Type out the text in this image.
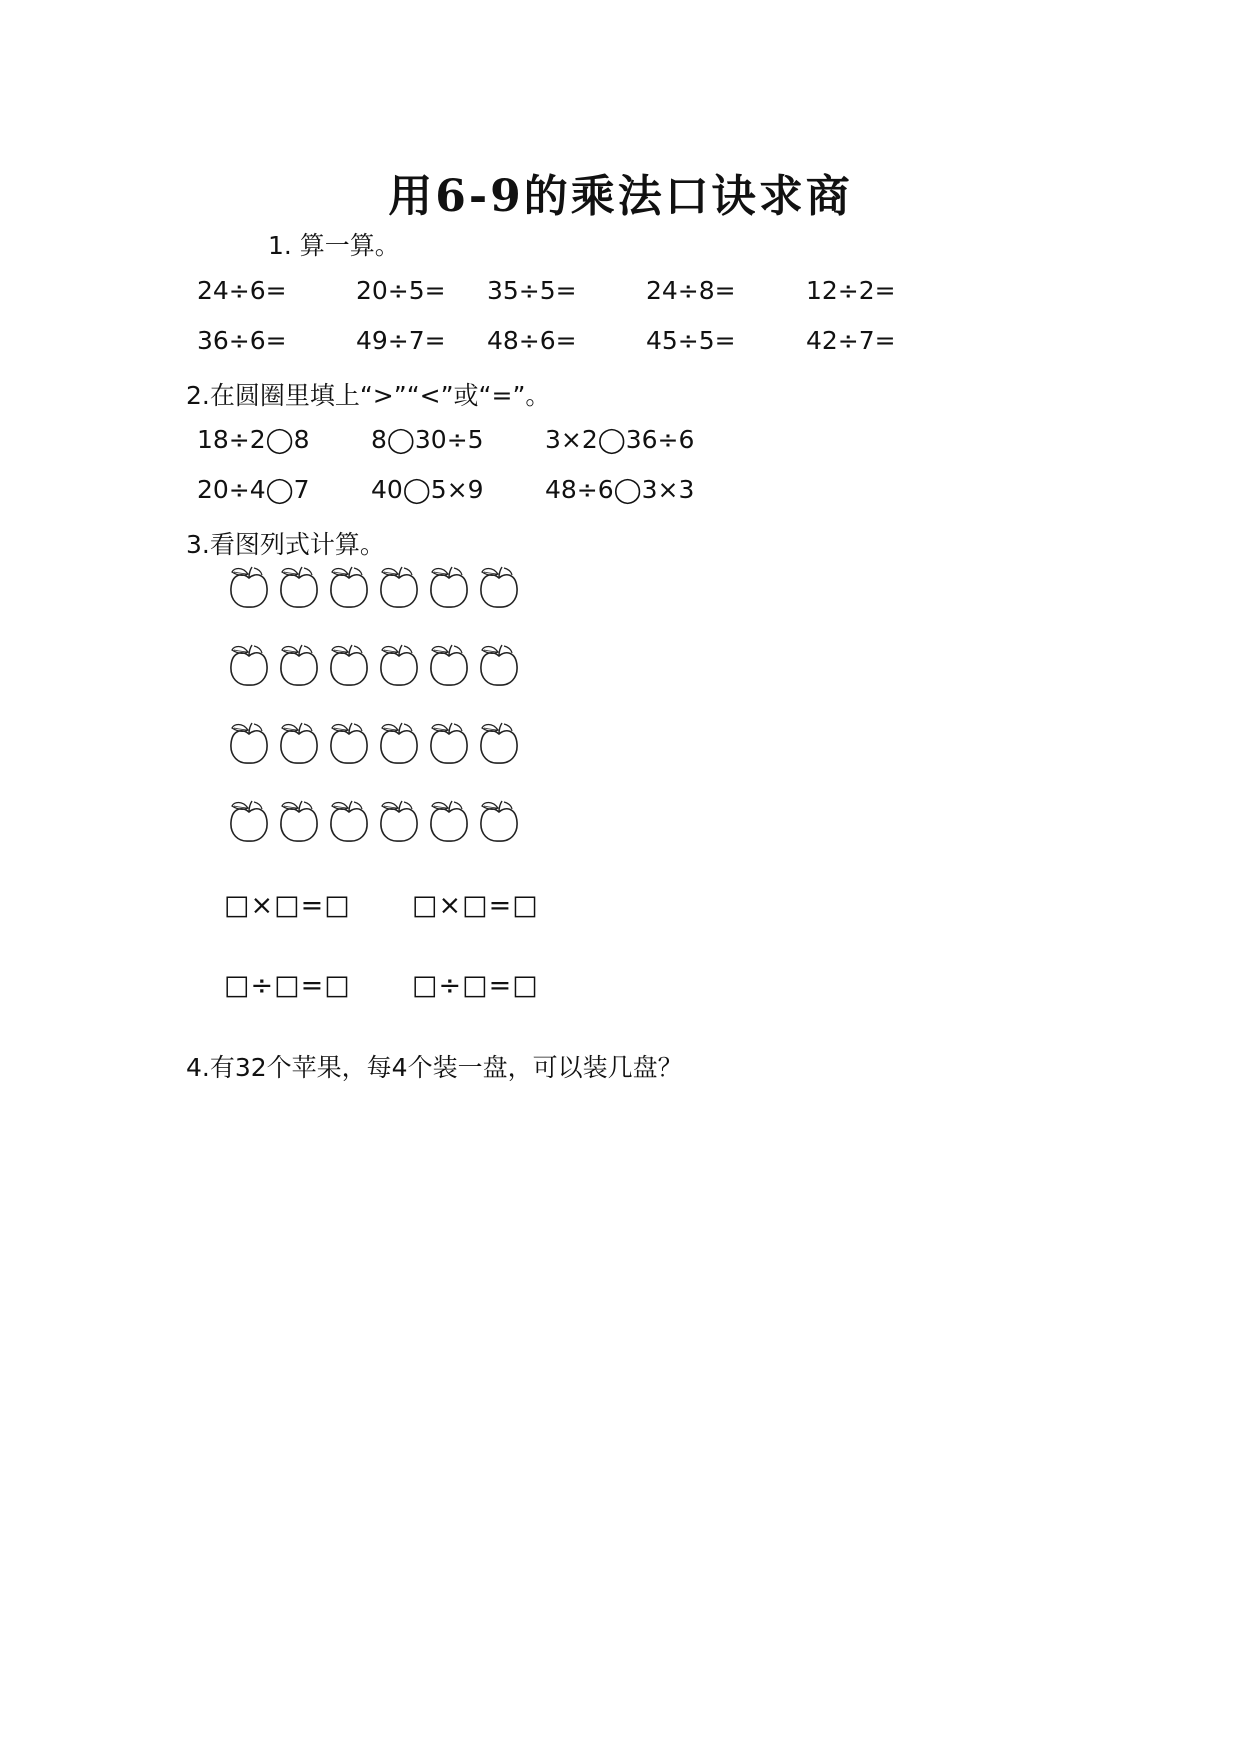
用6-9的乘法口诀求商
1. 算一算。
24÷6=	20÷5= 35÷5=	24÷8=	12÷2=
36÷6=	49÷7= 48÷6=	45÷5=	42÷7=
2.在圆圈里填上“>”“<”或“=”。
18÷2◯8 8◯30÷5 3×2◯36÷6
20÷4◯7 40◯5×9 48÷6◯3×3
3.看图列式计算。
□×□=□ □×□=□
□÷□=□ □÷□=□
4.有32个苹果，每4个装一盘，可以装几盘？
